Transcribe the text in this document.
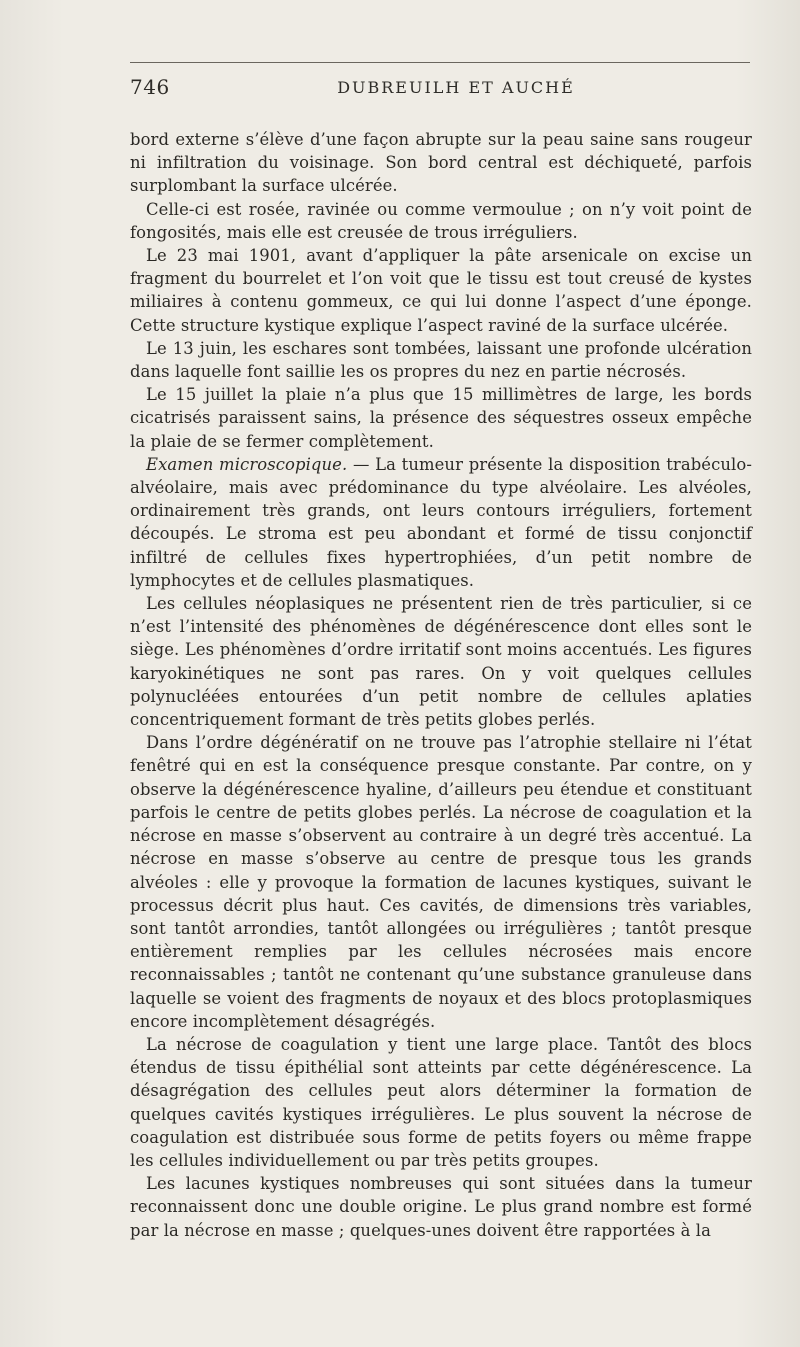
746	DUBREUILH ET AUCHÉ

bord externe s’élève d’une façon abrupte sur la peau saine sans rougeur ni infiltration du voisinage. Son bord central est déchiqueté, parfois surplombant la surface ulcérée.

Celle-ci est rosée, ravinée ou comme vermoulue ; on n’y voit point de fongosités, mais elle est creusée de trous irréguliers.

Le 23 mai 1901, avant d’appliquer la pâte arsenicale on excise un fragment du bourrelet et l’on voit que le tissu est tout creusé de kystes miliaires à contenu gommeux, ce qui lui donne l’aspect d’une éponge. Cette structure kystique explique l’aspect raviné de la surface ulcérée.

Le 13 juin, les eschares sont tombées, laissant une profonde ulcération dans laquelle font saillie les os propres du nez en partie nécrosés.

Le 15 juillet la plaie n’a plus que 15 millimètres de large, les bords cicatrisés paraissent sains, la présence des séquestres osseux empêche la plaie de se fermer complètement.

Examen microscopique. — La tumeur présente la disposition trabéculo-alvéolaire, mais avec prédominance du type alvéolaire. Les alvéoles, ordinairement très grands, ont leurs contours irréguliers, fortement découpés. Le stroma est peu abondant et formé de tissu conjonctif infiltré de cellules fixes hypertrophiées, d’un petit nombre de lymphocytes et de cellules plasmatiques.

Les cellules néoplasiques ne présentent rien de très particulier, si ce n’est l’intensité des phénomènes de dégénérescence dont elles sont le siège. Les phénomènes d’ordre irritatif sont moins accentués. Les figures karyokinétiques ne sont pas rares. On y voit quelques cellules polynucléées entourées d’un petit nombre de cellules aplaties concentriquement formant de très petits globes perlés.

Dans l’ordre dégénératif on ne trouve pas l’atrophie stellaire ni l’état fenêtré qui en est la conséquence presque constante. Par contre, on y observe la dégénérescence hyaline, d’ailleurs peu étendue et constituant parfois le centre de petits globes perlés. La nécrose de coagulation et la nécrose en masse s’observent au contraire à un degré très accentué. La nécrose en masse s’observe au centre de presque tous les grands alvéoles : elle y provoque la formation de lacunes kystiques, suivant le processus décrit plus haut. Ces cavités, de dimensions très variables, sont tantôt arrondies, tantôt allongées ou irrégulières ; tantôt presque entièrement remplies par les cellules nécrosées mais encore reconnaissables ; tantôt ne contenant qu’une substance granuleuse dans laquelle se voient des fragments de noyaux et des blocs protoplasmiques encore incomplètement désagrégés.

La nécrose de coagulation y tient une large place. Tantôt des blocs étendus de tissu épithélial sont atteints par cette dégénérescence. La désagrégation des cellules peut alors déterminer la formation de quelques cavités kystiques irrégulières. Le plus souvent la nécrose de coagulation est distribuée sous forme de petits foyers ou même frappe les cellules individuellement ou par très petits groupes.

Les lacunes kystiques nombreuses qui sont situées dans la tumeur reconnaissent donc une double origine. Le plus grand nombre est formé par la nécrose en masse ; quelques-unes doivent être rapportées à la
